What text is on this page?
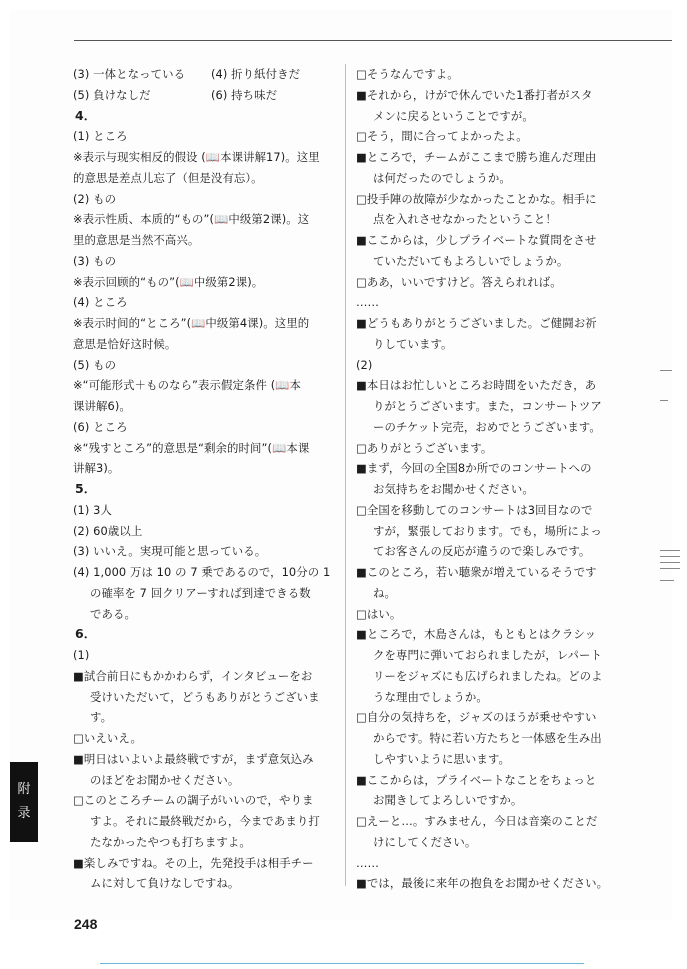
(3) 一体となっている	(4) 折り紙付きだ
(5) 負けなしだ	(6) 持ち味だ
4．
(1) ところ
※表示与现实相反的假设 (📖本课讲解17)。这里
的意思是差点儿忘了（但是没有忘）。
(2) もの
※表示性质、本质的“もの”(📖中级第2课)。这
里的意思是当然不高兴。
(3) もの
※表示回顾的“もの”(📖中级第2课)。
(4) ところ
※表示时间的“ところ”(📖中级第4课)。这里的
意思是恰好这时候。
(5) もの
※“可能形式＋ものなら”表示假定条件 (📖本
课讲解6)。
(6) ところ
※“残すところ”的意思是“剩余的时间”(📖本课
讲解3)。
5．
(1) 3人
(2) 60歳以上
(3) いいえ。実現可能と思っている。
(4) 1,000 万は 10 の 7 乗であるので，10分の 1
の確率を 7 回クリアーすれば到達できる数
である。
6．
(1)
■試合前日にもかかわらず，インタビューをお
受けいただいて，どうもありがとうございま
す。
□いえいえ。
■明日はいよいよ最終戦ですが，まず意気込み
のほどをお聞かせください。
□このところチームの調子がいいので，やりま
すよ。それに最終戦だから，今まであまり打
たなかったやつも打ちますよ。
■楽しみですね。その上，先発投手は相手チー
ムに対して負けなしですね。
□そうなんですよ。
■それから，けがで休んでいた1番打者がスタ
メンに戻るということですが。
□そう，間に合ってよかったよ。
■ところで，チームがここまで勝ち進んだ理由
は何だったのでしょうか。
□投手陣の故障が少なかったことかな。相手に
点を入れさせなかったということ！
■ここからは，少しプライベートな質問をさせ
ていただいてもよろしいでしょうか。
□ああ，いいですけど。答えられれば。
……
■どうもありがとうございました。ご健闘お祈
りしています。
(2)
■本日はお忙しいところお時間をいただき，あ
りがとうございます。また，コンサートツア
ーのチケット完売，おめでとうございます。
□ありがとうございます。
■まず，今回の全国8か所でのコンサートへの
お気持ちをお聞かせください。
□全国を移動してのコンサートは3回目なので
すが，緊張しております。でも，場所によっ
てお客さんの反応が違うので楽しみです。
■このところ，若い聴衆が増えているそうです
ね。
□はい。
■ところで，木島さんは，もともとはクラシッ
クを専門に弾いておられましたが，レパート
リーをジャズにも広げられましたね。どのよ
うな理由でしょうか。
□自分の気持ちを，ジャズのほうが乗せやすい
からです。特に若い方たちと一体感を生み出
しやすいように思います。
■ここからは，プライベートなことをちょっと
お聞きしてよろしいですか。
□えーと…。すみません，今日は音楽のことだ
けにしてください。
……
■では，最後に来年の抱負をお聞かせください。
附
录
248
